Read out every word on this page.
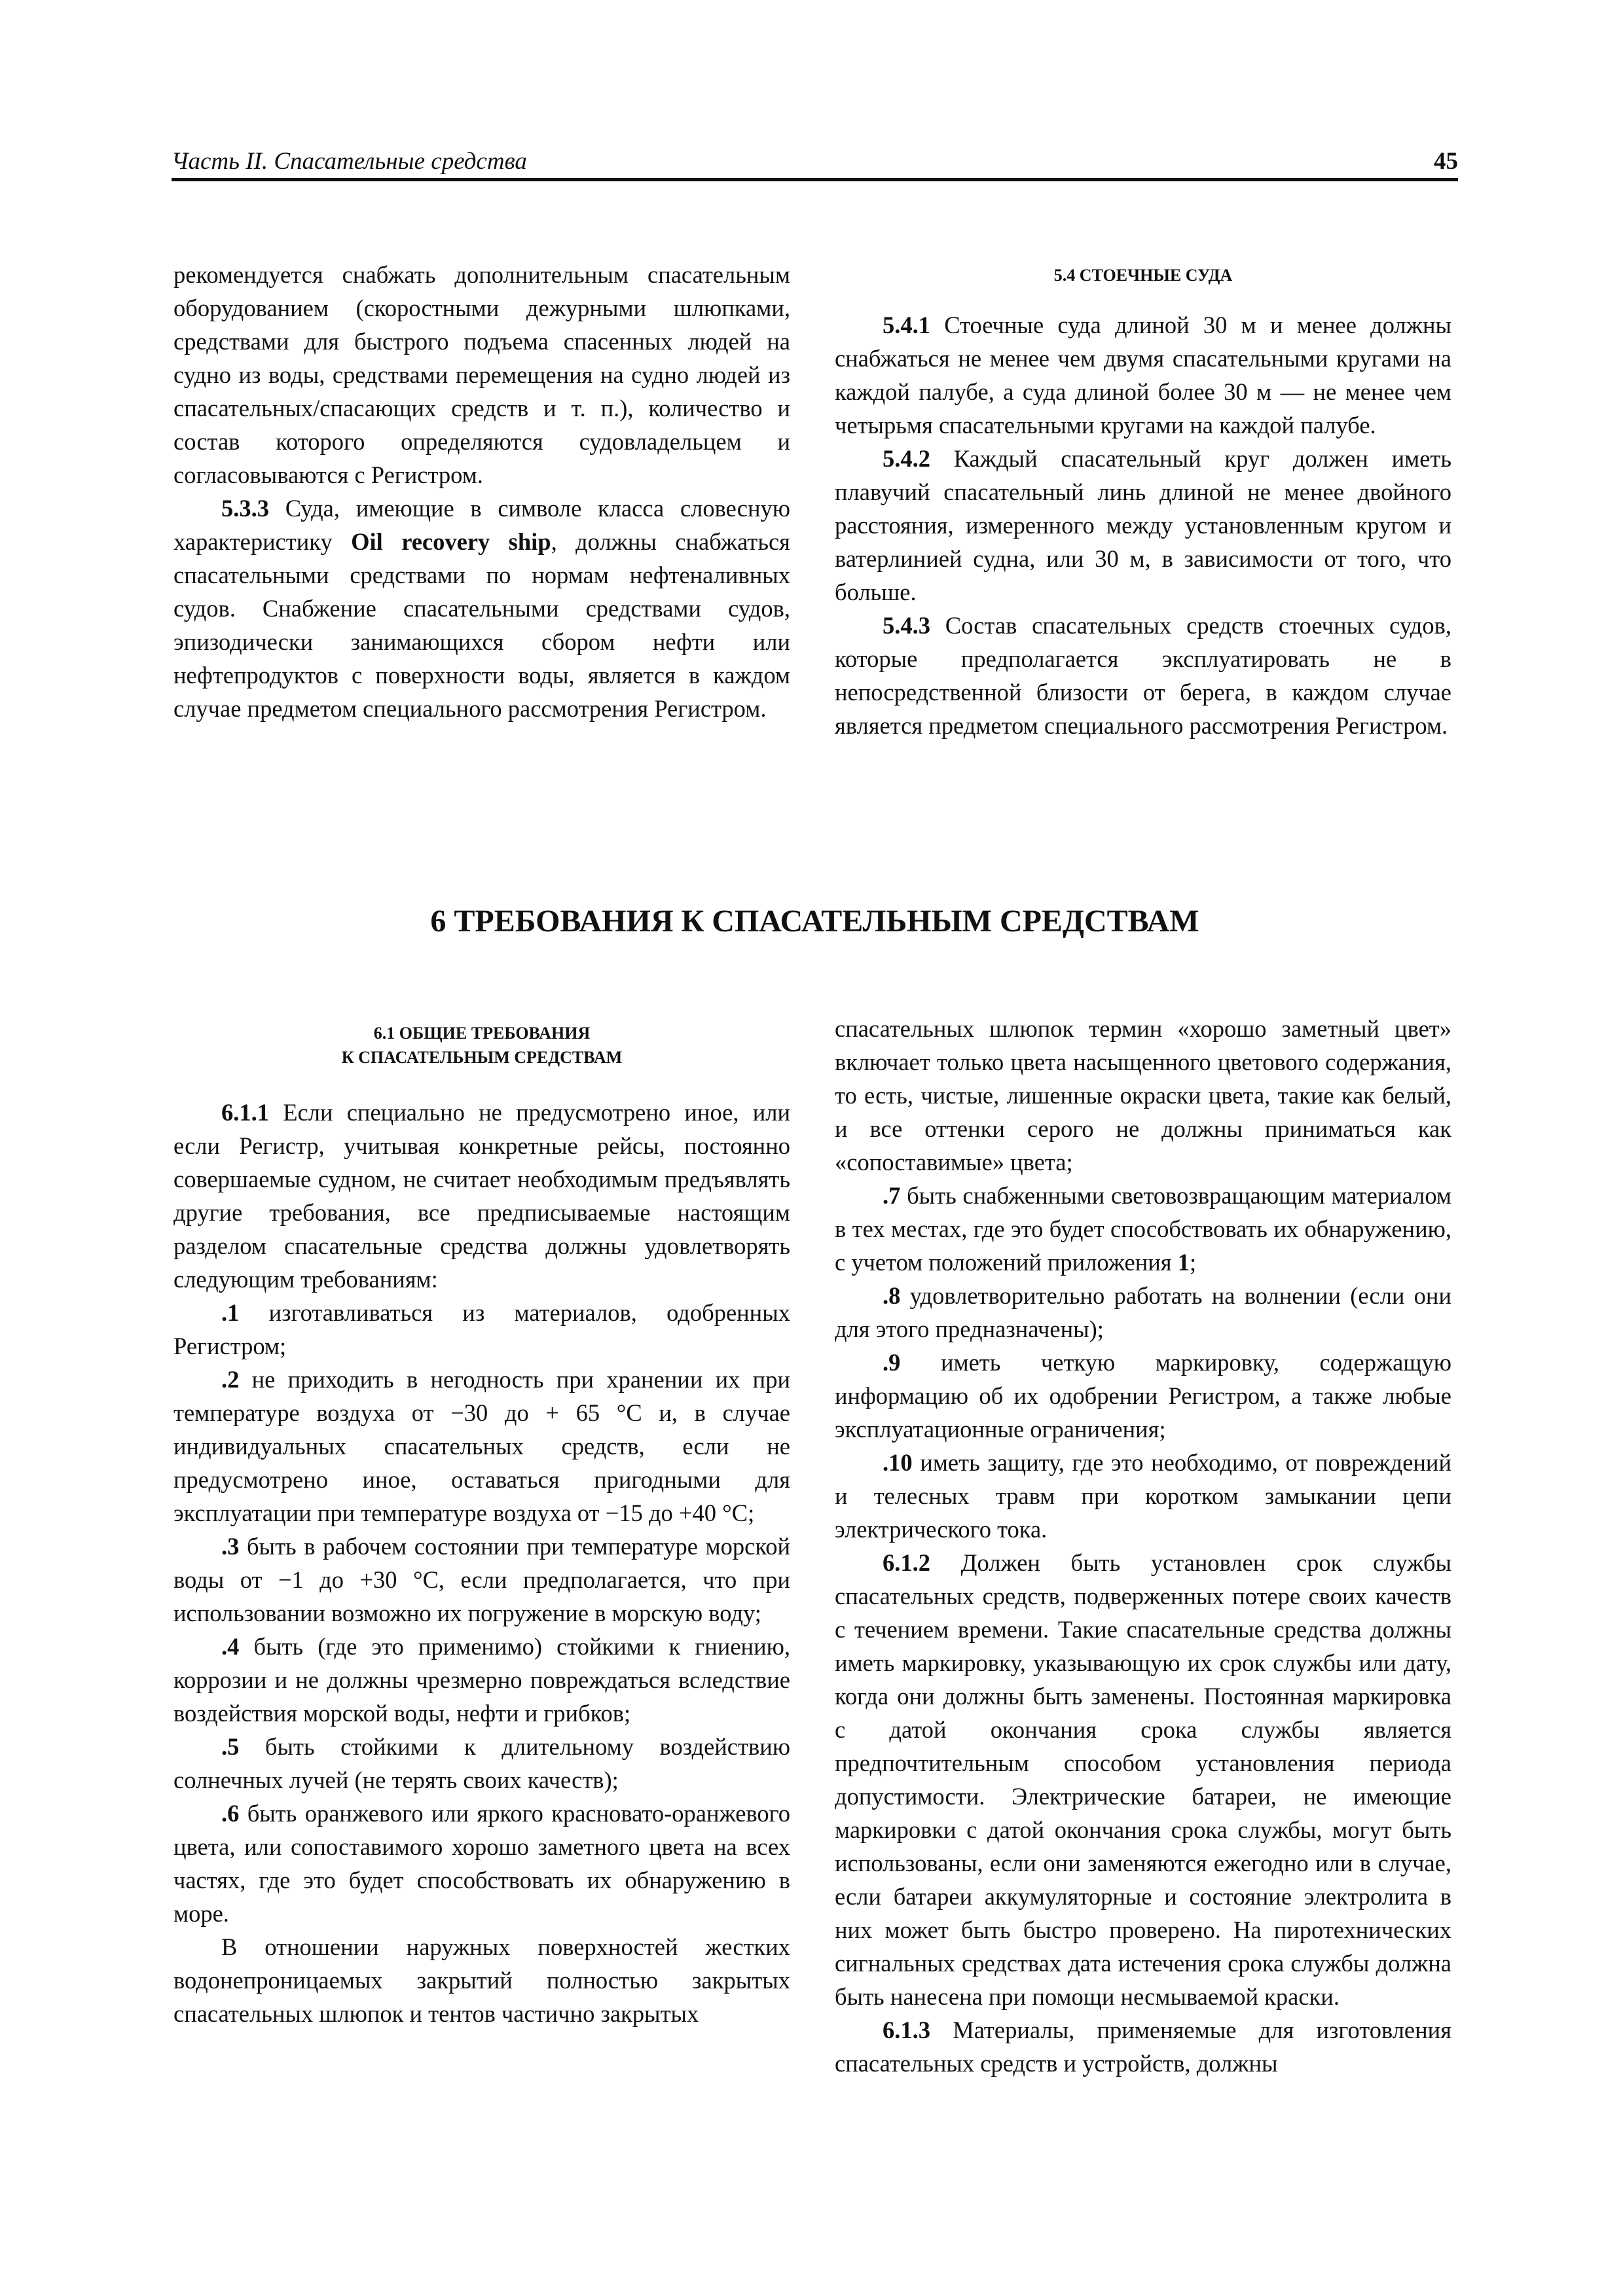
Часть II. Спасательные средства	45

рекомендуется снабжать дополнительным спасательным оборудованием (скоростными дежурными шлюпками, средствами для быстрого подъема спасенных людей на судно из воды, средствами перемещения на судно людей из спасательных/спасающих средств и т. п.), количество и состав которого определяются судовладельцем и согласовываются с Регистром.

5.3.3 Суда, имеющие в символе класса словесную характеристику Oil recovery ship, должны снабжаться спасательными средствами по нормам нефтеналивных судов. Снабжение спасательными средствами судов, эпизодически занимающихся сбором нефти или нефтепродуктов с поверхности воды, является в каждом случае предметом специального рассмотрения Регистром.

5.4 СТОЕЧНЫЕ СУДА

5.4.1 Стоечные суда длиной 30 м и менее должны снабжаться не менее чем двумя спасательными кругами на каждой палубе, а суда длиной более 30 м — не менее чем четырьмя спасательными кругами на каждой палубе.

5.4.2 Каждый спасательный круг должен иметь плавучий спасательный линь длиной не менее двойного расстояния, измеренного между установленным кругом и ватерлинией судна, или 30 м, в зависимости от того, что больше.

5.4.3 Состав спасательных средств стоечных судов, которые предполагается эксплуатировать не в непосредственной близости от берега, в каждом случае является предметом специального рассмотрения Регистром.

6 ТРЕБОВАНИЯ К СПАСАТЕЛЬНЫМ СРЕДСТВАМ
6.1 ОБЩИЕ ТРЕБОВАНИЯ
К СПАСАТЕЛЬНЫМ СРЕДСТВАМ

6.1.1 Если специально не предусмотрено иное, или если Регистр, учитывая конкретные рейсы, постоянно совершаемые судном, не считает необходимым предъявлять другие требования, все предписываемые настоящим разделом спасательные средства должны удовлетворять следующим требованиям:

.1 изготавливаться из материалов, одобренных Регистром;

.2 не приходить в негодность при хранении их при температуре воздуха от −30 до + 65 °С и, в случае индивидуальных спасательных средств, если не предусмотрено иное, оставаться пригодными для эксплуатации при температуре воздуха от −15 до +40 °С;

.3 быть в рабочем состоянии при температуре морской воды от −1 до +30 °С, если предполагается, что при использовании возможно их погружение в морскую воду;

.4 быть (где это применимо) стойкими к гниению, коррозии и не должны чрезмерно повреждаться вследствие воздействия морской воды, нефти и грибков;

.5 быть стойкими к длительному воздействию солнечных лучей (не терять своих качеств);

.6 быть оранжевого или яркого красновато-оранжевого цвета, или сопоставимого хорошо заметного цвета на всех частях, где это будет способствовать их обнаружению в море.

В отношении наружных поверхностей жестких водонепроницаемых закрытий полностью закрытых спасательных шлюпок и тентов частично закрытых

спасательных шлюпок термин «хорошо заметный цвет» включает только цвета насыщенного цветового содержания, то есть, чистые, лишенные окраски цвета, такие как белый, и все оттенки серого не должны приниматься как «сопоставимые» цвета;

.7 быть снабженными световозвращающим материалом в тех местах, где это будет способствовать их обнаружению, с учетом положений приложения 1;

.8 удовлетворительно работать на волнении (если они для этого предназначены);

.9 иметь четкую маркировку, содержащую информацию об их одобрении Регистром, а также любые эксплуатационные ограничения;

.10 иметь защиту, где это необходимо, от повреждений и телесных травм при коротком замыкании цепи электрического тока.

6.1.2 Должен быть установлен срок службы спасательных средств, подверженных потере своих качеств с течением времени. Такие спасательные средства должны иметь маркировку, указывающую их срок службы или дату, когда они должны быть заменены. Постоянная маркировка с датой окончания срока службы является предпочтительным способом установления периода допустимости. Электрические батареи, не имеющие маркировки с датой окончания срока службы, могут быть использованы, если они заменяются ежегодно или в случае, если батареи аккумуляторные и состояние электролита в них может быть быстро проверено. На пиротехнических сигнальных средствах дата истечения срока службы должна быть нанесена при помощи несмываемой краски.

6.1.3 Материалы, применяемые для изготовления спасательных средств и устройств, должны
